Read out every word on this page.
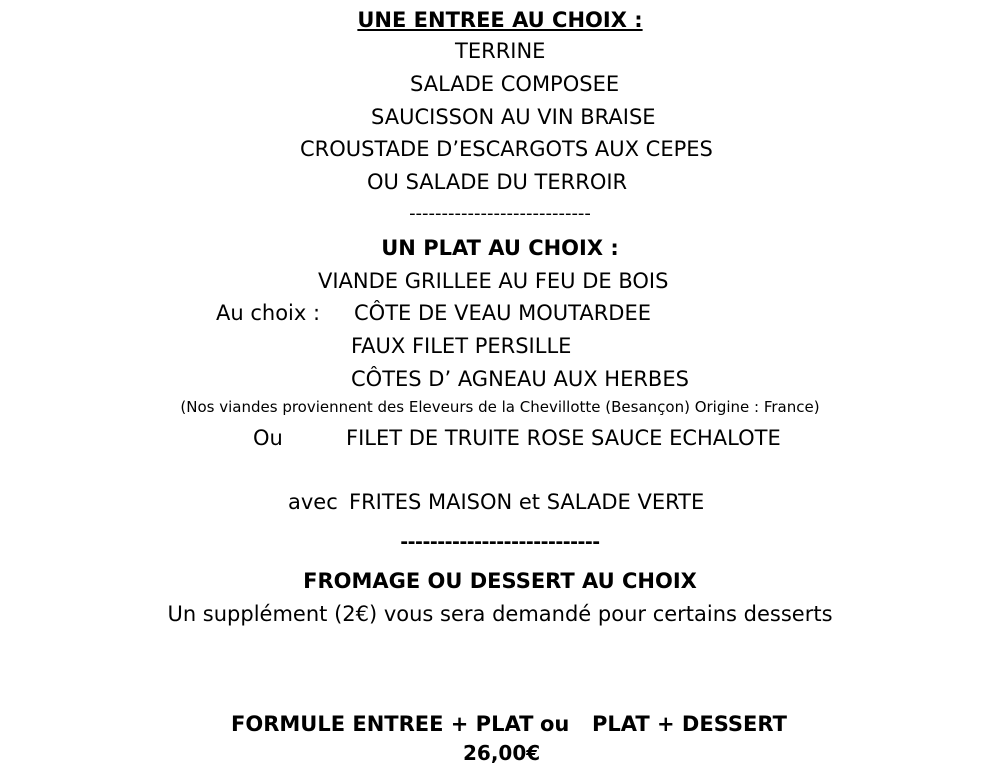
UNE ENTREE AU CHOIX :
TERRINE
SALADE COMPOSEE
SAUCISSON AU VIN BRAISE
CROUSTADE D’ESCARGOTS AUX CEPES
OU SALADE DU TERROIR
----------------------------
UN PLAT AU CHOIX :
VIANDE GRILLEE AU FEU DE BOIS
Au choix : CÔTE DE VEAU MOUTARDEE
FAUX FILET PERSILLE
CÔTES D’ AGNEAU AUX HERBES
(Nos viandes proviennent des Eleveurs de la Chevillotte (Besançon) Origine : France)
Ou	FILET DE TRUITE ROSE SAUCE ECHALOTE
avec FRITES MAISON et SALADE VERTE
---------------------------
FROMAGE OU DESSERT AU CHOIX
Un supplément (2€) vous sera demandé pour certains desserts
FORMULE ENTREE + PLAT ou PLAT + DESSERT
26,00€
